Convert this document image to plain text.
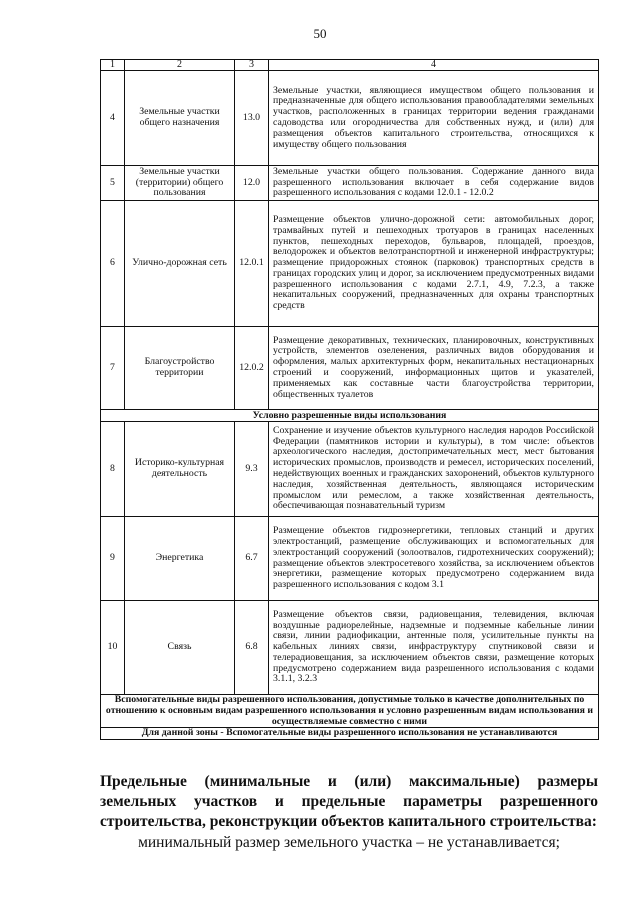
50
1	2	3	4
4	Земельные участки общего назначения	13.0	Земельные участки, являющиеся имуществом общего пользования и предназначенные для общего использования правообладателями земельных участков, расположенных в границах территории ведения гражданами садоводства или огородничества для собственных нужд, и (или) для размещения объектов капитального строительства, относящихся к имуществу общего пользования
5	Земельные участки (территории) общего пользования	12.0	Земельные участки общего пользования. Содержание данного вида разрешенного использования включает в себя содержание видов разрешенного использования с кодами 12.0.1 - 12.0.2
6	Улично-дорожная сеть	12.0.1	Размещение объектов улично-дорожной сети: автомобильных дорог, трамвайных путей и пешеходных тротуаров в границах населенных пунктов, пешеходных переходов, бульваров, площадей, проездов, велодорожек и объектов велотранспортной и инженерной инфраструктуры; размещение придорожных стоянок (парковок) транспортных средств в границах городских улиц и дорог, за исключением предусмотренных видами разрешенного использования с кодами 2.7.1, 4.9, 7.2.3, а также некапитальных сооружений, предназначенных для охраны транспортных средств
7	Благоустройство территории	12.0.2	Размещение декоративных, технических, планировочных, конструктивных устройств, элементов озеленения, различных видов оборудования и оформления, малых архитектурных форм, некапитальных нестационарных строений и сооружений, информационных щитов и указателей, применяемых как составные части благоустройства территории, общественных туалетов
Условно разрешенные виды использования			
8	Историко-культурная деятельность	9.3	Сохранение и изучение объектов культурного наследия народов Российской Федерации (памятников истории и культуры), в том числе: объектов археологического наследия, достопримечательных мест, мест бытования исторических промыслов, производств и ремесел, исторических поселений, недействующих военных и гражданских захоронений, объектов культурного наследия, хозяйственная деятельность, являющаяся историческим промыслом или ремеслом, а также хозяйственная деятельность, обеспечивающая познавательный туризм
9	Энергетика	6.7	Размещение объектов гидроэнергетики, тепловых станций и других электростанций, размещение обслуживающих и вспомогательных для электростанций сооружений (золоотвалов, гидротехнических сооружений); размещение объектов электросетевого хозяйства, за исключением объектов энергетики, размещение которых предусмотрено содержанием вида разрешенного использования с кодом 3.1
10	Связь	6.8	Размещение объектов связи, радиовещания, телевидения, включая воздушные радиорелейные, надземные и подземные кабельные линии связи, линии радиофикации, антенные поля, усилительные пункты на кабельных линиях связи, инфраструктуру спутниковой связи и телерадиовещания, за исключением объектов связи, размещение которых предусмотрено содержанием вида разрешенного использования с кодами 3.1.1, 3.2.3
Вспомогательные виды разрешенного использования, допустимые только в качестве дополнительных по отношению к основным видам разрешенного использования и условно разрешенным видам использования и осуществляемые совместно с ними			
Для данной зоны - Вспомогательные виды разрешенного использования не устанавливаются			
Предельные (минимальные и (или) максимальные) размеры земельных участков и предельные параметры разрешенного строительства, реконструкции объектов капитального строительства:
минимальный размер земельного участка – не устанавливается;
